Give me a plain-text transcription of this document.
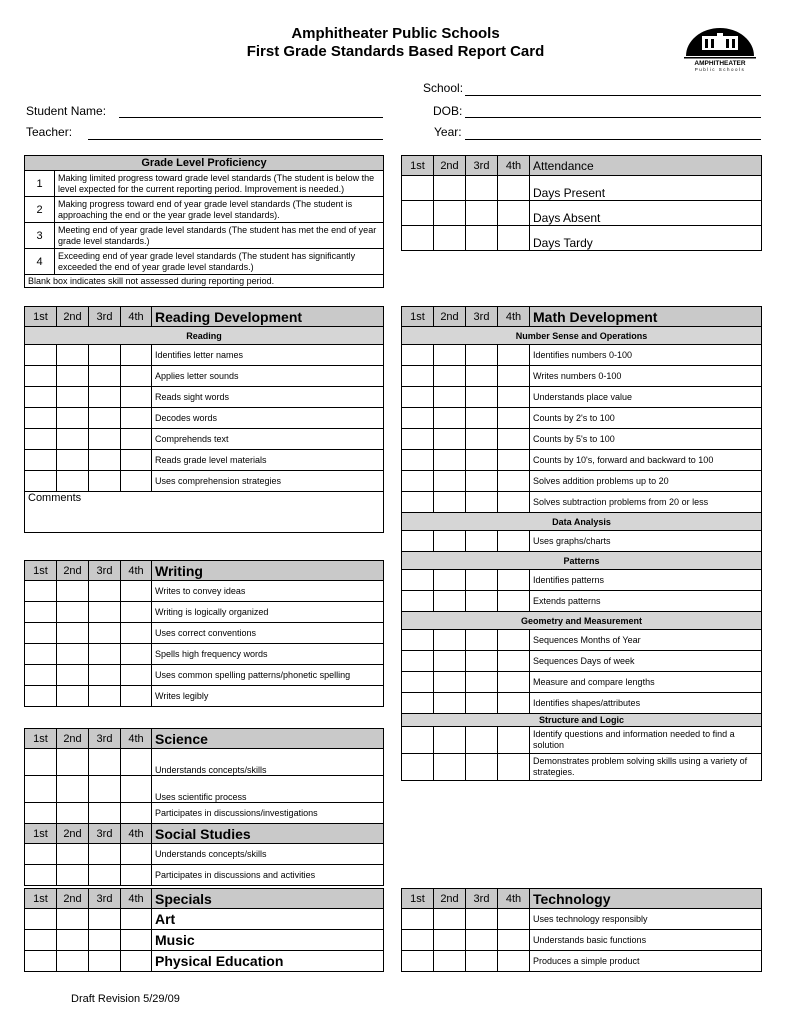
Amphitheater Public Schools
First Grade Standards Based Report Card
AMPHITHEATER
Public Schools
School:
Student Name:	DOB:
Teacher:	Year:
Grade Level Proficiency	
1	Making limited progress toward grade level standards (The student is below the level expected for the current reporting period. Improvement is needed.)
2	Making progress toward end of year grade level standards (The student is approaching the end or the year grade level standards).
3	Meeting end of year grade level standards (The student has met the end of year grade level standards.)
4	Exceeding end of year grade level standards (The student has significantly exceeded the end of year grade level standards.)
Blank box indicates skill not assessed during reporting period.	
1st	2nd	3rd	4th	Attendance
				Days Present
				Days Absent
				Days Tardy
1st	2nd	3rd	4th	Reading Development
Reading				
				Identifies letter names
				Applies letter sounds
				Reads sight words
				Decodes words
				Comprehends text
				Reads grade level materials
				Uses comprehension strategies
Comments				
1st	2nd	3rd	4th	Writing
				Writes to convey ideas
				Writing is logically organized
				Uses correct conventions
				Spells high frequency words
				Uses common spelling patterns/phonetic spelling
				Writes legibly
1st	2nd	3rd	4th	Science
				Understands concepts/skills
				Uses scientific process
				Participates in discussions/investigations
1st	2nd	3rd	4th	Social Studies
				Understands concepts/skills
				Participates in discussions and activities
1st	2nd	3rd	4th	Specials
				Art
				Music
				Physical Education
1st	2nd	3rd	4th	Math Development
Number Sense and Operations				
				Identifies numbers 0-100
				Writes numbers 0-100
				Understands place value
				Counts by 2's to 100
				Counts by 5's to 100
				Counts by 10's, forward and backward to 100
				Solves addition problems up to 20
				Solves subtraction problems from 20 or less
Data Analysis				
				Uses graphs/charts
Patterns				
				Identifies patterns
				Extends patterns
Geometry and Measurement				
				Sequences Months of Year
				Sequences Days of week
				Measure and compare lengths
				Identifies shapes/attributes
Structure and Logic				
				Identify questions and information needed to find a solution
				Demonstrates problem solving skills using a variety of strategies.
1st	2nd	3rd	4th	Technology
				Uses technology responsibly
				Understands basic functions
				Produces a simple product
Draft Revision 5/29/09
